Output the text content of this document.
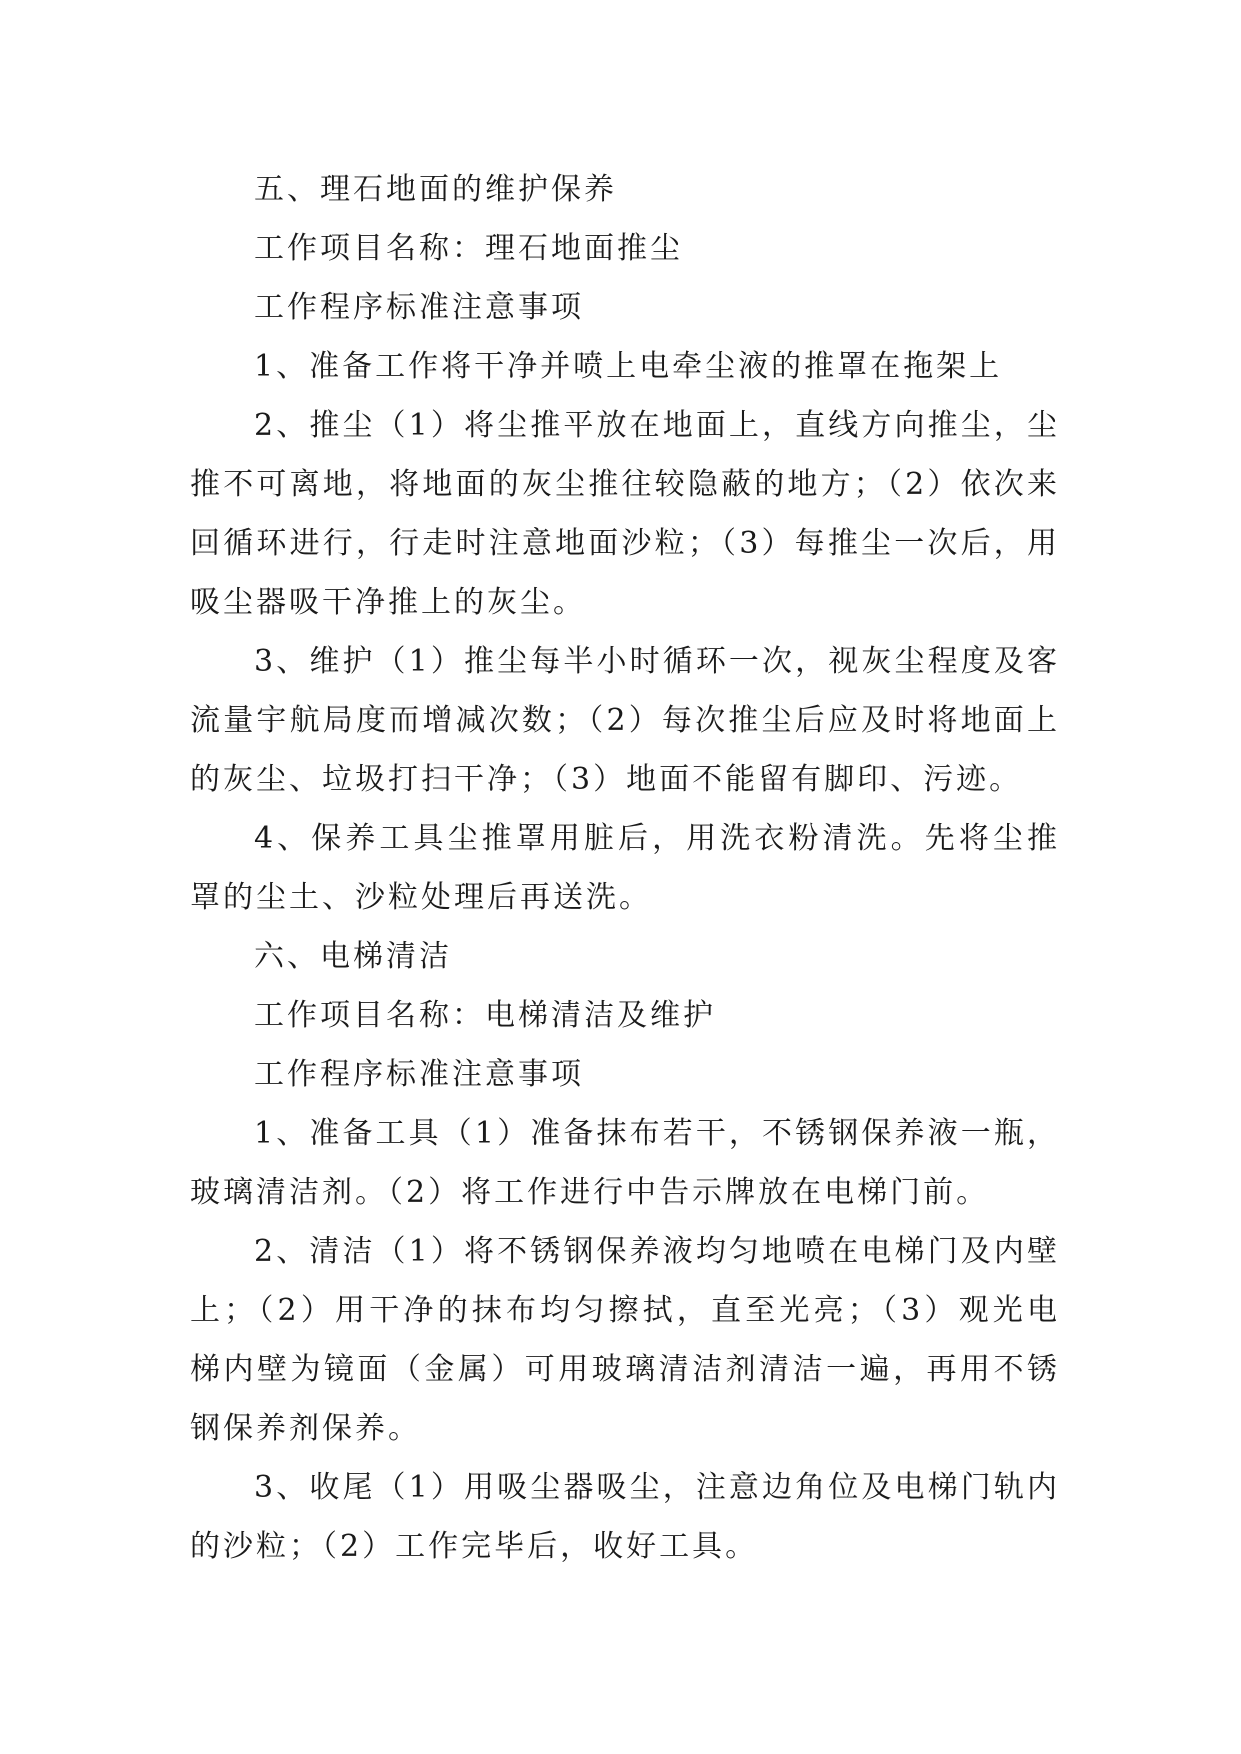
五、理石地面的维护保养

工作项目名称：理石地面推尘

工作程序标准注意事项

1、准备工作将干净并喷上电牵尘液的推罩在拖架上

2、推尘（1）将尘推平放在地面上，直线方向推尘，尘推不可离地，将地面的灰尘推往较隐蔽的地方；（2）依次来回循环进行，行走时注意地面沙粒；（3）每推尘一次后，用吸尘器吸干净推上的灰尘。

3、维护（1）推尘每半小时循环一次，视灰尘程度及客流量宇航局度而增减次数；（2）每次推尘后应及时将地面上的灰尘、垃圾打扫干净；（3）地面不能留有脚印、污迹。

4、保养工具尘推罩用脏后，用洗衣粉清洗。先将尘推罩的尘土、沙粒处理后再送洗。

六、电梯清洁

工作项目名称：电梯清洁及维护

工作程序标准注意事项

1、准备工具（1）准备抹布若干，不锈钢保养液一瓶，玻璃清洁剂。（2）将工作进行中告示牌放在电梯门前。

2、清洁（1）将不锈钢保养液均匀地喷在电梯门及内壁上；（2）用干净的抹布均匀擦拭，直至光亮；（3）观光电梯内壁为镜面（金属）可用玻璃清洁剂清洁一遍，再用不锈钢保养剂保养。

3、收尾（1）用吸尘器吸尘，注意边角位及电梯门轨内的沙粒；（2）工作完毕后，收好工具。
